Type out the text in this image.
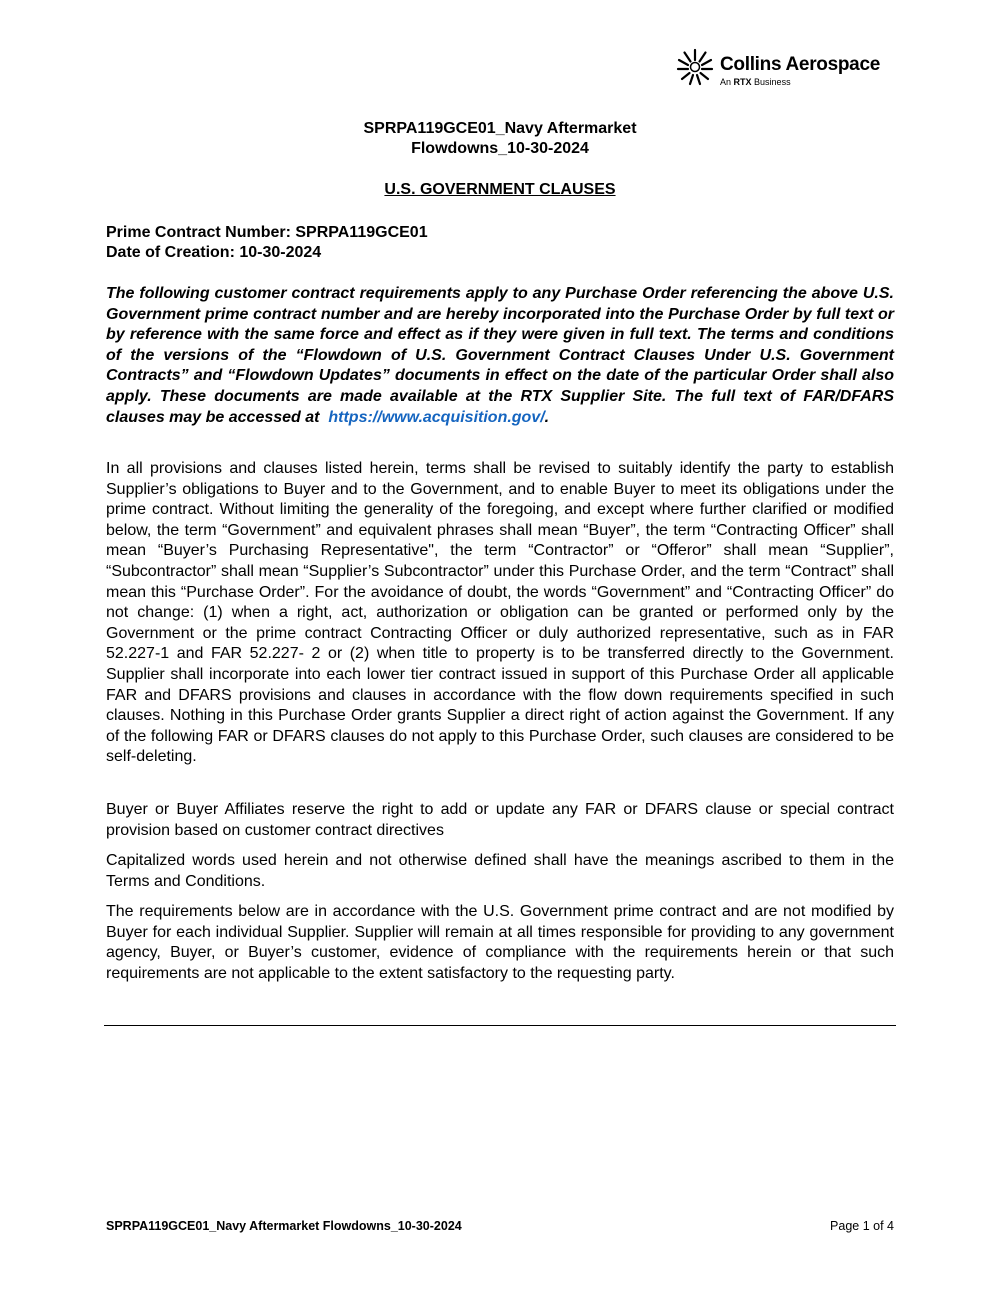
Collins Aerospace
An RTX Business
SPRPA119GCE01_Navy Aftermarket
Flowdowns_10-30-2024
U.S. GOVERNMENT CLAUSES
Prime Contract Number: SPRPA119GCE01
Date of Creation: 10-30-2024

The following customer contract requirements apply to any Purchase Order referencing the above U.S. Government prime contract number and are hereby incorporated into the Purchase Order by full text or by reference with the same force and effect as if they were given in full text. The terms and conditions of the versions of the “Flowdown of U.S. Government Contract Clauses Under U.S. Government Contracts” and “Flowdown Updates” documents in effect on the date of the particular Order shall also apply. These documents are made available at the RTX Supplier Site. The full text of FAR/DFARS clauses may be accessed at https://www.acquisition.gov/.

In all provisions and clauses listed herein, terms shall be revised to suitably identify the party to establish Supplier’s obligations to Buyer and to the Government, and to enable Buyer to meet its obligations under the prime contract. Without limiting the generality of the foregoing, and except where further clarified or modified below, the term “Government” and equivalent phrases shall mean “Buyer”, the term “Contracting Officer” shall mean “Buyer’s Purchasing Representative", the term “Contractor” or “Offeror” shall mean “Supplier”, “Subcontractor” shall mean “Supplier’s Subcontractor” under this Purchase Order, and the term “Contract” shall mean this “Purchase Order”. For the avoidance of doubt, the words “Government” and “Contracting Officer” do not change: (1) when a right, act, authorization or obligation can be granted or performed only by the Government or the prime contract Contracting Officer or duly authorized representative, such as in FAR 52.227-1 and FAR 52.227- 2 or (2) when title to property is to be transferred directly to the Government. Supplier shall incorporate into each lower tier contract issued in support of this Purchase Order all applicable FAR and DFARS provisions and clauses in accordance with the flow down requirements specified in such clauses. Nothing in this Purchase Order grants Supplier a direct right of action against the Government. If any of the following FAR or DFARS clauses do not apply to this Purchase Order, such clauses are considered to be self-deleting.

Buyer or Buyer Affiliates reserve the right to add or update any FAR or DFARS clause or special contract provision based on customer contract directives

Capitalized words used herein and not otherwise defined shall have the meanings ascribed to them in the Terms and Conditions.

The requirements below are in accordance with the U.S. Government prime contract and are not modified by Buyer for each individual Supplier. Supplier will remain at all times responsible for providing to any government agency, Buyer, or Buyer’s customer, evidence of compliance with the requirements herein or that such requirements are not applicable to the extent satisfactory to the requesting party.

SPRPA119GCE01_Navy Aftermarket Flowdowns_10-30-2024	Page 1 of 4
